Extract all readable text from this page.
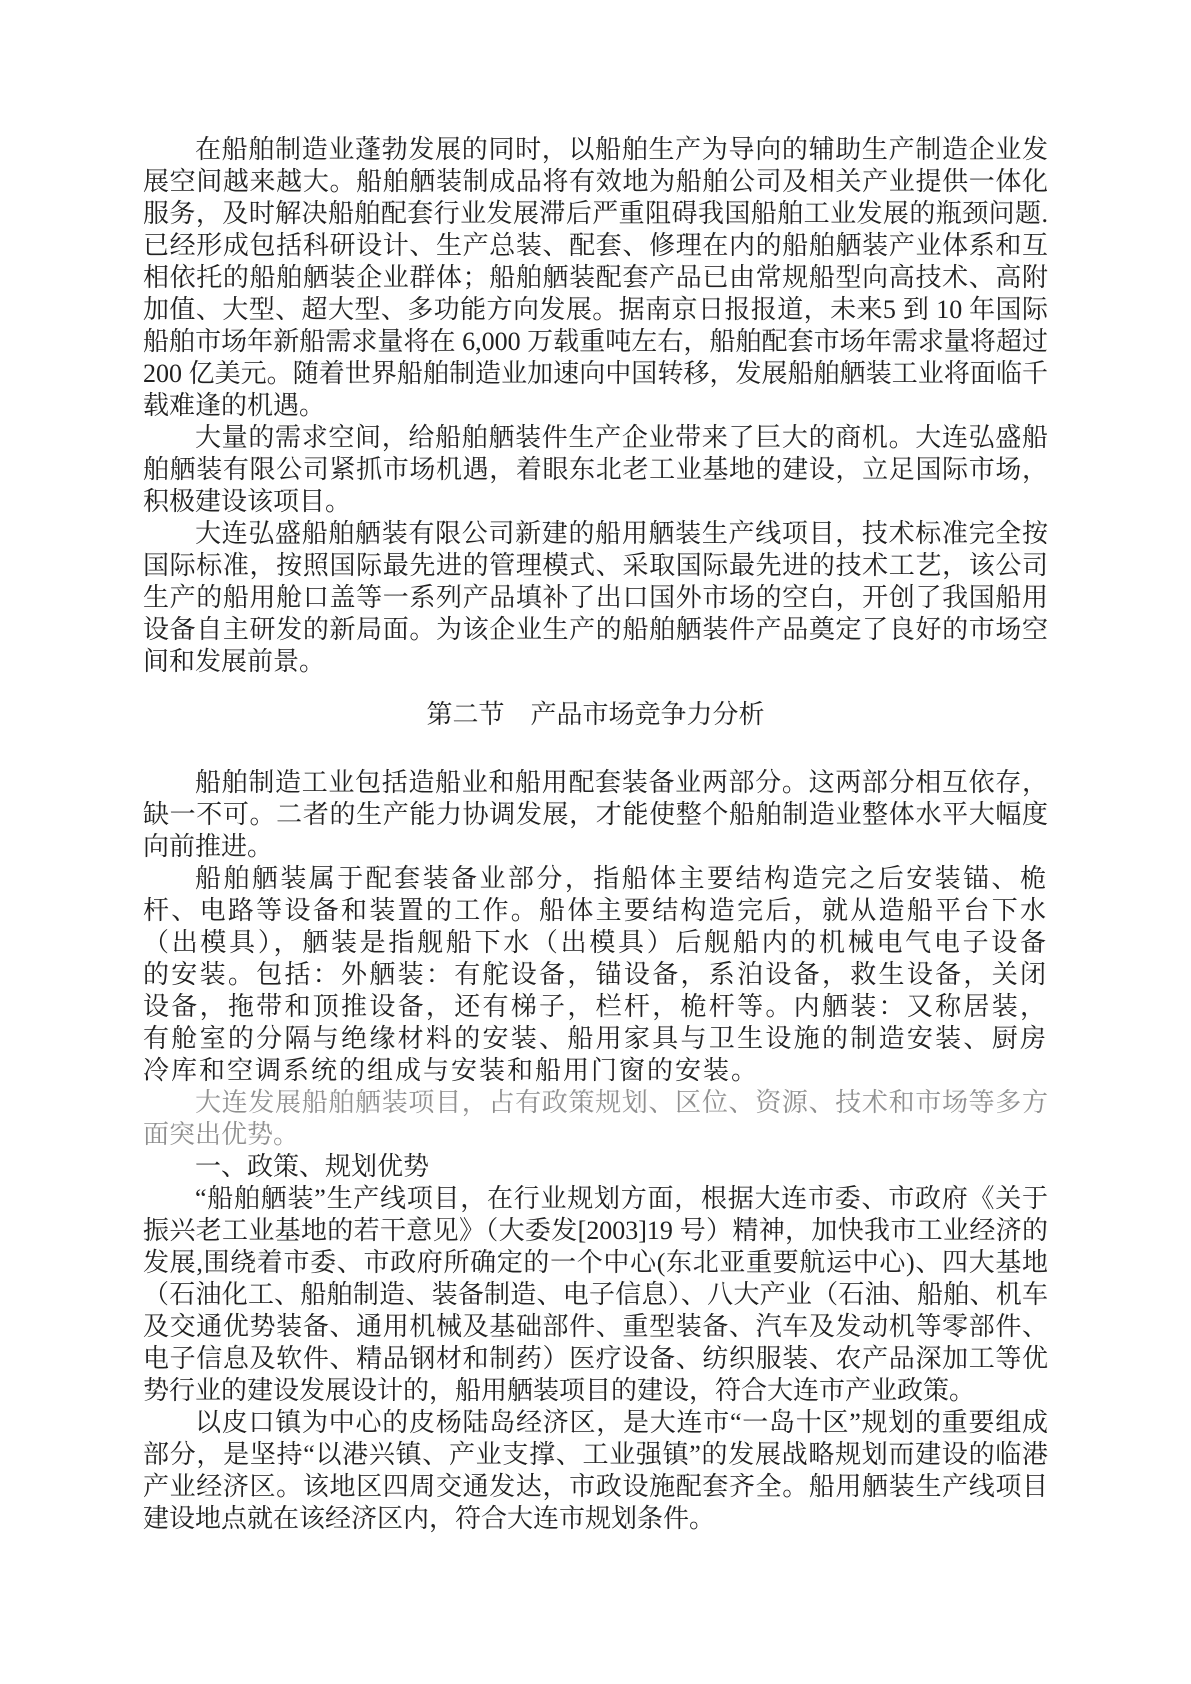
在船舶制造业蓬勃发展的同时，以船舶生产为导向的辅助生产制造企业发展空间越来越大。船舶舾装制成品将有效地为船舶公司及相关产业提供一体化服务，及时解决船舶配套行业发展滞后严重阻碍我国船舶工业发展的瓶颈问题.已经形成包括科研设计、生产总装、配套、修理在内的船舶舾装产业体系和互相依托的船舶舾装企业群体；船舶舾装配套产品已由常规船型向高技术、高附加值、大型、超大型、多功能方向发展。据南京日报报道，未来5 到 10 年国际船舶市场年新船需求量将在 6,000 万载重吨左右，船舶配套市场年需求量将超过 200 亿美元。随着世界船舶制造业加速向中国转移，发展船舶舾装工业将面临千载难逢的机遇。

大量的需求空间，给船舶舾装件生产企业带来了巨大的商机。大连弘盛船舶舾装有限公司紧抓市场机遇，着眼东北老工业基地的建设，立足国际市场，积极建设该项目。

大连弘盛船舶舾装有限公司新建的船用舾装生产线项目，技术标准完全按国际标准，按照国际最先进的管理模式、采取国际最先进的技术工艺，该公司生产的船用舱口盖等一系列产品填补了出口国外市场的空白，开创了我国船用设备自主研发的新局面。为该企业生产的船舶舾装件产品奠定了良好的市场空间和发展前景。

第二节　产品市场竞争力分析

船舶制造工业包括造船业和船用配套装备业两部分。这两部分相互依存，缺一不可。二者的生产能力协调发展，才能使整个船舶制造业整体水平大幅度向前推进。

船舶舾装属于配套装备业部分，指船体主要结构造完之后安装锚、桅杆、电路等设备和装置的工作。船体主要结构造完后，就从造船平台下水（出模具），舾装是指舰船下水（出模具）后舰船内的机械电气电子设备的安装。包括：外舾装：有舵设备，锚设备，系泊设备，救生设备，关闭设备，拖带和顶推设备，还有梯子，栏杆，桅杆等。内舾装：又称居装，有舱室的分隔与绝缘材料的安装、船用家具与卫生设施的制造安装、厨房冷库和空调系统的组成与安装和船用门窗的安装。

大连发展船舶舾装项目，占有政策规划、区位、资源、技术和市场等多方面突出优势。

一、政策、规划优势

“船舶舾装”生产线项目，在行业规划方面，根据大连市委、市政府《关于振兴老工业基地的若干意见》（大委发[2003]19 号）精神，加快我市工业经济的发展,围绕着市委、市政府所确定的一个中心(东北亚重要航运中心)、四大基地（石油化工、船舶制造、装备制造、电子信息）、八大产业（石油、船舶、机车及交通优势装备、通用机械及基础部件、重型装备、汽车及发动机等零部件、电子信息及软件、精品钢材和制药）医疗设备、纺织服装、农产品深加工等优势行业的建设发展设计的，船用舾装项目的建设，符合大连市产业政策。

以皮口镇为中心的皮杨陆岛经济区，是大连市“一岛十区”规划的重要组成部分，是坚持“以港兴镇、产业支撑、工业强镇”的发展战略规划而建设的临港产业经济区。该地区四周交通发达，市政设施配套齐全。船用舾装生产线项目建设地点就在该经济区内，符合大连市规划条件。
